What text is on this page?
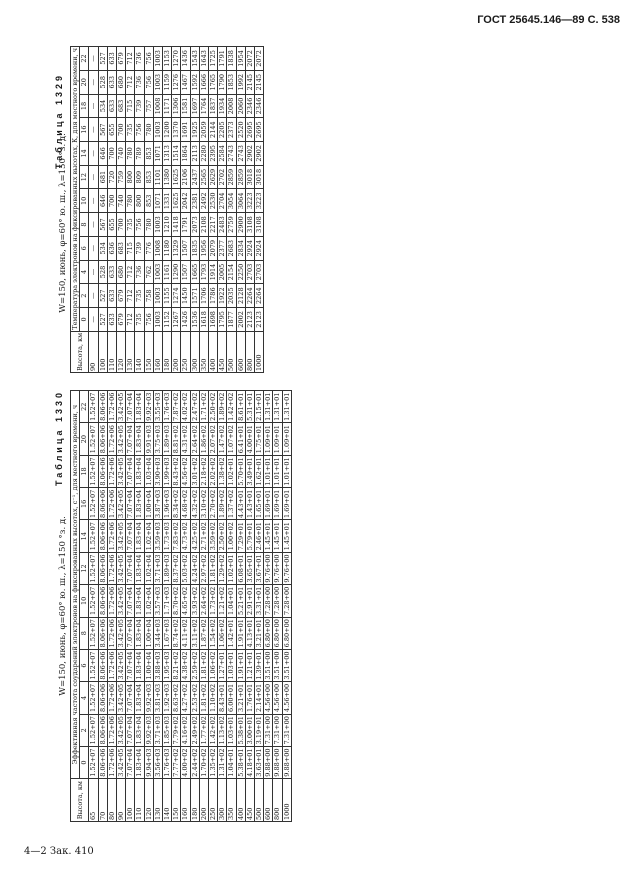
ГОСТ 25645.146—89 С. 538
Таблица 1329
W=150, июнь, φ=60° ю. ш., λ=150 °з. д.
Высота, км	Температура электронов на фиксированных высотах, К, для местного времени, ч											
	0	2	4	6	8	10	12	14	16	18	20	22
90	—	—	—	—	—	—	—	—	—	—	—	—
100	527	527	528	534	567	646	681	646	567	534	528	527
110	633	633	633	636	655	700	720	700	655	633	633	633
120	679	679	680	683	700	740	759	740	700	683	680	679
130	712	712	712	715	735	780	800	780	735	715	712	712
140	735	735	736	739	756	800	809	789	756	739	736	736
150	756	758	762	776	780	853	853	853	780	757	756	756
160	1003	1003	1003	1008	1003	1071	1101	1071	1003	1008	1003	1003
180	1152	1155	1161	1180	1210	1331	1380	1313	1200	1171	1159	1153
200	1267	1274	1290	1329	1418	1625	1625	1514	1370	1306	1276	1270
250	1426	1450	1507	1507	1791	2042	2106	1864	1691	1581	1467	1436
300	1536	1571	1665	1835	2073	2381	2437	2113	1925	1697	1592	1543
350	1618	1706	1793	1956	2108	2492	2565	2280	2059	1764	1666	1643
400	1698	1786	1914	2079	2217	2530	2629	2395	2144	1837	1765	1725
450	1795	1922	2005	2377	2483	2704	2702	2584	2205	1934	1790	1791
500	1877	2035	2154	2683	2759	3054	2859	2743	2373	2008	1853	1838
600	2002	2128	2250	2834	2900	3064	2859	2743	2520	2060	1992	1954
800	2123	2264	2703	2924	3108	3223	3018	2902	2695	2346	2145	2072
1000	2123	2264	2703	2924	3108	3223	3018	2902	2695	2346	2145	2072
Таблица 1330
W=150, июнь, φ=60° ю. ш., λ=150 °з. д.
Высота, км	Эффективная частота соударений электронов на фиксированных высотах, с⁻¹, для местного времени, ч											
	0	2	4	6	8	10	12	14	16	18	20	22
65	1.52+07	1.52+07	1.52+07	1.52+07	1.52+07	1.52+07	1.52+07	1.52+07	1.52+07	1.52+07	1.52+07	1.52+07
70	8.06+06	8.06+06	8.06+06	8.06+06	8.06+06	8.06+06	8.06+06	8.06+06	8.06+06	8.06+06	8.06+06	8.06+06
80	1.72+06	1.72+06	1.72+06	1.72+06	1.72+06	1.72+06	1.72+06	1.72+06	1.72+06	1.72+06	1.72+06	1.72+06
90	3.42+05	3.42+05	3.42+05	3.42+05	3.42+05	3.42+05	3.42+05	3.42+05	3.42+05	3.42+05	3.42+05	3.42+05
100	7.07+04	7.07+04	7.07+04	7.07+04	7.07+04	7.07+04	7.07+04	7.07+04	7.07+04	7.07+04	7.07+04	7.07+04
110	1.83+04	1.83+04	1.83+04	1.83+04	1.83+04	1.83+04	1.83+04	1.83+04	1.83+04	1.83+04	1.83+04	1.83+04
120	9.94+03	9.92+03	9.92+03	1.00+04	1.00+04	1.02+04	1.02+04	1.02+04	1.00+04	1.03+04	9.91+03	9.92+03
130	3.56+03	3.71+03	3.81+03	3.88+03	3.44+03	3.57+03	3.71+03	3.59+03	3.87+03	3.90+03	3.75+03	3.55+03
140	1.76+03	1.85+03	1.92+03	1.95+03	1.67+03	1.71+03	1.89+03	1.73+03	1.96+03	1.99+03	1.89+03	1.76+03
150	7.77+02	7.79+02	8.63+02	8.21+02	8.74+02	8.70+02	8.37+02	7.83+02	8.34+02	8.43+02	8.81+02	7.87+02
160	4.00+02	4.16+02	4.27+02	4.38+02	4.11+02	4.65+02	5.03+02	4.73+02	4.68+02	4.56+02	4.31+02	4.02+02
180	2.44+02	2.49+02	2.53+02	2.59+02	3.11+02	3.93+02	4.24+02	4.25+02	4.32+02	3.01+02	2.64+02	2.47+02
200	1.70+02	1.77+02	1.81+02	1.81+02	1.87+02	2.64+02	2.97+02	2.71+02	3.10+02	2.18+02	1.86+02	1.71+02
250	1.35+02	1.42+02	1.10+02	1.06+02	1.54+02	1.73+02	1.81+02	3.59+02	2.70+02	2.02+02	2.07+02	2.50+02
300	1.31+02	1.13+02	8.43+01	1.27+01	1.06+02	1.21+02	1.29+02	2.50+02	1.89+02	1.38+02	1.47+02	1.89+02
350	1.04+01	1.03+01	6.00+01	1.03+01	1.42+01	1.04+01	1.02+01	1.00+02	1.37+02	1.02+01	1.07+02	1.42+02
400	5.38+01	5.38+01	3.21+01	1.91+01	1.91+01	5.21+01	6.08+01	7.29+01	4.43+01	5.70+01	6.41+01	8.61+01
450	4.18+01	3.00+01	1.76+01	1.21+01	4.13+01	2.91+01	3.65+01	5.79+01	1.43+01	3.49+01	4.00+01	5.31+01
500	3.63+01	3.19+01	2.14+01	1.39+01	3.21+01	3.31+01	3.67+01	2.46+01	1.65+01	1.62+01	1.75+01	2.15+01
600	9.88+00	7.31+00	4.56+00	3.51+00	6.80+00	7.28+00	9.76+00	1.45+01	1.69+01	1.01+01	1.09+01	1.31+01
800	9.88+00	7.31+00	4.56+00	3.51+00	6.80+00	7.28+00	9.76+00	1.45+01	1.69+01	1.01+01	1.09+01	1.31+01
1000	9.88+00	7.31+00	4.56+00	3.51+00	6.80+00	7.28+00	9.76+00	1.45+01	1.69+01	1.01+01	1.09+01	1.31+01
4—2 Зак. 410
